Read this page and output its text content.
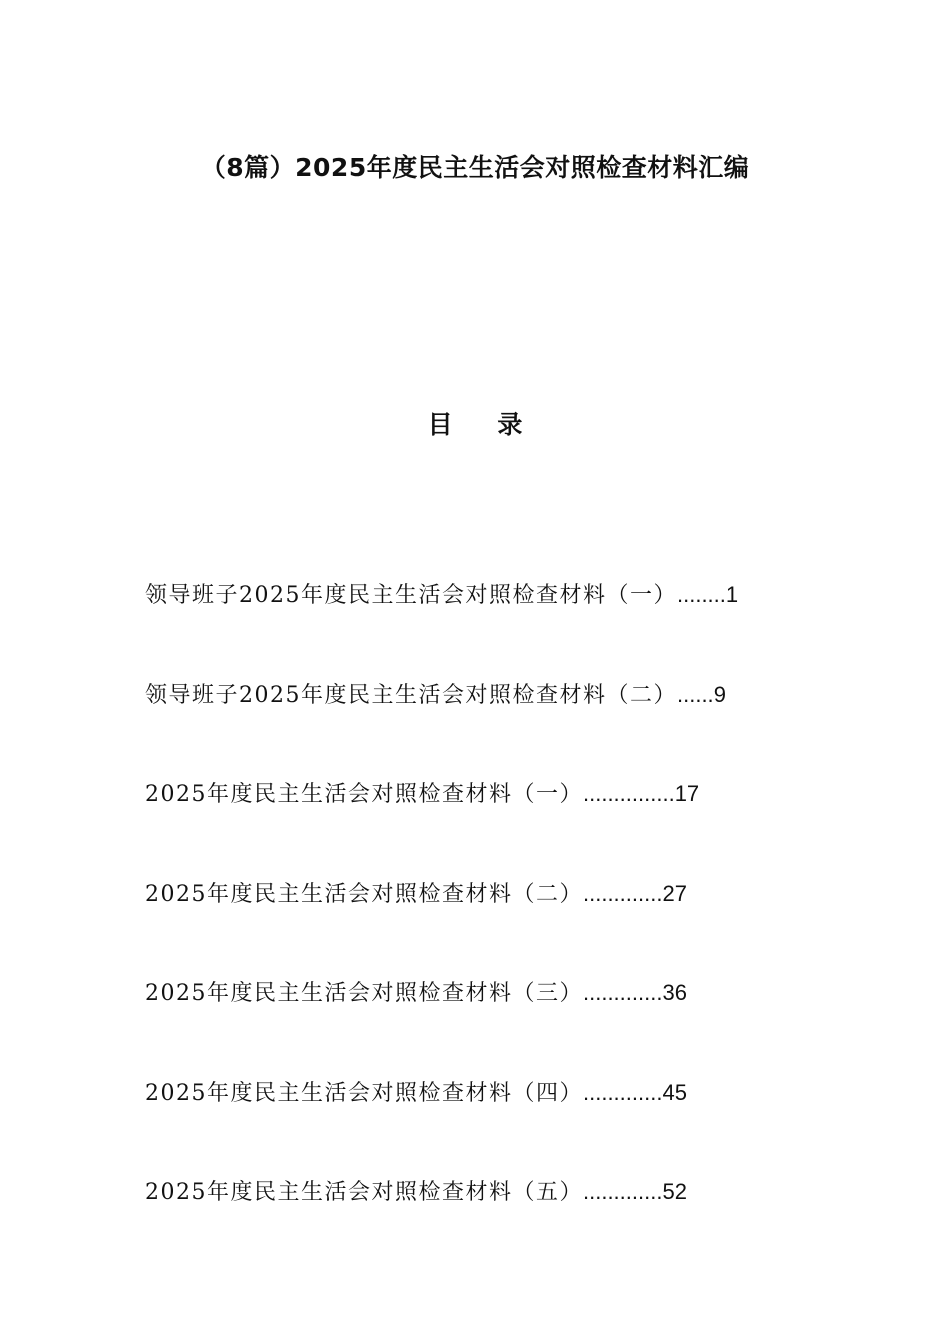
（8篇）2025年度民主生活会对照检查材料汇编
目 录
领导班子2025年度民主生活会对照检查材料（一）........1
领导班子2025年度民主生活会对照检查材料（二）......9
2025年度民主生活会对照检查材料（一）...............17
2025年度民主生活会对照检查材料（二）.............27
2025年度民主生活会对照检查材料（三）.............36
2025年度民主生活会对照检查材料（四）.............45
2025年度民主生活会对照检查材料（五）.............52
